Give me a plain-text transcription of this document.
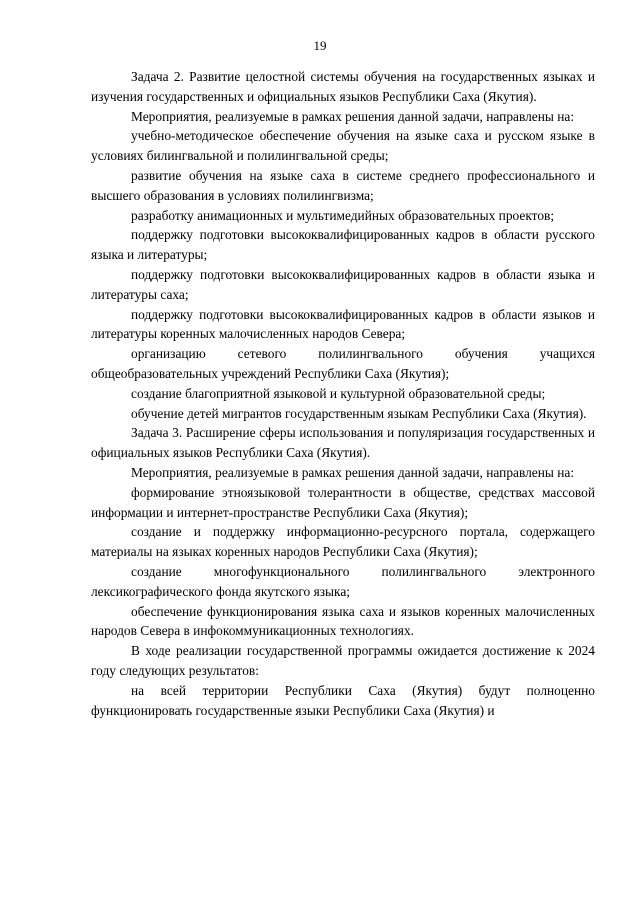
19

Задача 2. Развитие целостной системы обучения на государственных языках и изучения государственных и официальных языков Республики Саха (Якутия).

Мероприятия, реализуемые в рамках решения данной задачи, направлены на:

учебно-методическое обеспечение обучения на языке саха и русском языке в условиях билингвальной и полилингвальной среды;

развитие обучения на языке саха в системе среднего профессионального и высшего образования в условиях полилингвизма;

разработку анимационных и мультимедийных образовательных проектов;

поддержку подготовки высококвалифицированных кадров в области русского языка и литературы;

поддержку подготовки высококвалифицированных кадров в области языка и литературы саха;

поддержку подготовки высококвалифицированных кадров в области языков и литературы коренных малочисленных народов Севера;

организацию сетевого полилингвального обучения учащихся общеобразовательных учреждений Республики Саха (Якутия);

создание благоприятной языковой и культурной образовательной среды;

обучение детей мигрантов государственным языкам Республики Саха (Якутия).

Задача 3. Расширение сферы использования и популяризация государственных и официальных языков Республики Саха (Якутия).

Мероприятия, реализуемые в рамках решения данной задачи, направлены на:

формирование этноязыковой толерантности в обществе, средствах массовой информации и интернет-пространстве Республики Саха (Якутия);

создание и поддержку информационно-ресурсного портала, содержащего материалы на языках коренных народов Республики Саха (Якутия);

создание многофункционального полилингвального электронного лексикографического фонда якутского языка;

обеспечение функционирования языка саха и языков коренных малочисленных народов Севера в инфокоммуникационных технологиях.

В ходе реализации государственной программы ожидается достижение к 2024 году следующих результатов:

на всей территории Республики Саха (Якутия) будут полноценно функционировать государственные языки Республики Саха (Якутия) и
